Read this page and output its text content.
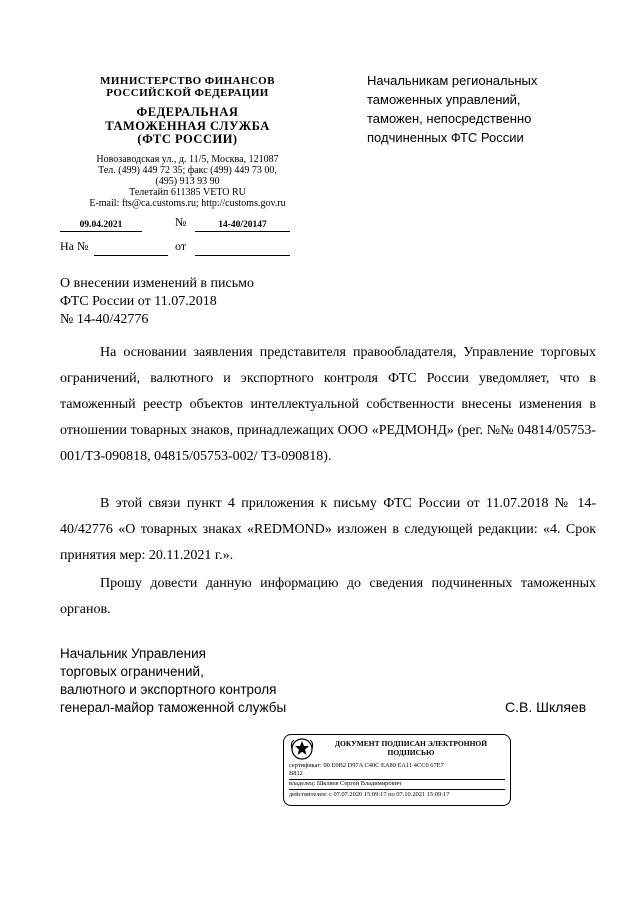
МИНИСТЕРСТВО ФИНАНСОВ
РОССИЙСКОЙ ФЕДЕРАЦИИ
ФЕДЕРАЛЬНАЯ
ТАМОЖЕННАЯ СЛУЖБА
(ФТС РОССИИ)
Новозаводская ул., д. 11/5, Москва, 121087
Тел. (499) 449 72 35; факс (499) 449 73 00,
(495) 913 93 90
Телетайп 611385 VETO RU
E-mail: fts@ca.customs.ru; http://customs.gov.ru
09.04.2021	№	14-40/20147
На №	от
Начальникам региональных
таможенных управлений,
таможен, непосредственно
подчиненных ФТС России
О внесении изменений в письмо
ФТС России от 11.07.2018
№ 14-40/42776
На основании заявления представителя правообладателя, Управление торговых ограничений, валютного и экспортного контроля ФТС России уведомляет, что в таможенный реестр объектов интеллектуальной собственности внесены изменения в отношении товарных знаков, принадлежащих ООО «РЕДМОНД» (рег. №№ 04814/05753-001/ТЗ-090818, 04815/05753-002/ ТЗ-090818).
В этой связи пункт 4 приложения к письму ФТС России от 11.07.2018 № 14-40/42776 «О товарных знаках «REDMOND» изложен в следующей редакции: «4. Срок принятия мер: 20.11.2021 г.».
Прошу довести данную информацию до сведения подчиненных таможенных органов.
Начальник Управления
торговых ограничений,
валютного и экспортного контроля
генерал-майор таможенной службы	С.В. Шкляев
ДОКУМЕНТ ПОДПИСАН ЭЛЕКТРОННОЙ
ПОДПИСЬЮ
сертификат: 00 E0B2 D97A C40C EA80 EA11 4CC0 67E7
B812
владелец: Шкляев Сергей Владимирович
действителен: с 07.07.2020 15:09:17 по 07.10.2021 15:09:17
